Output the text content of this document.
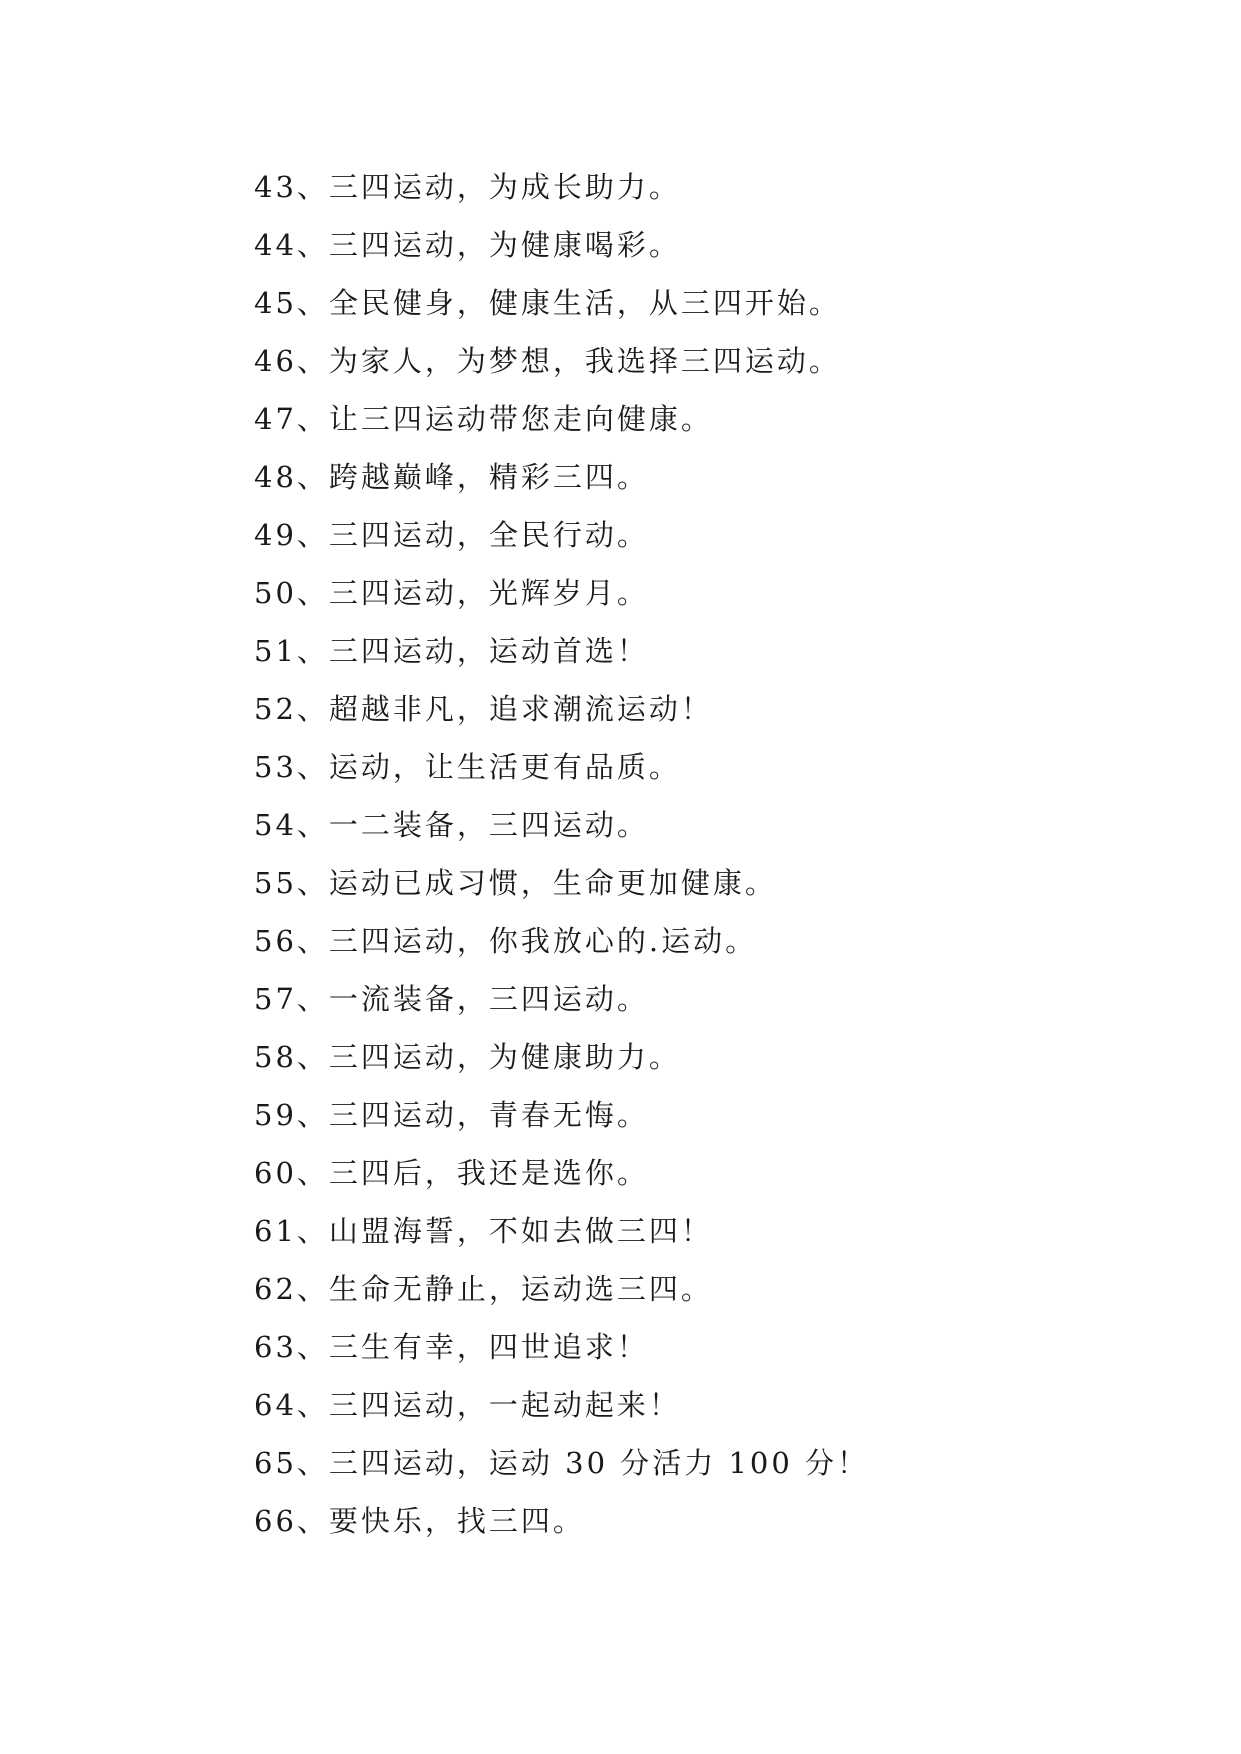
43、三四运动，为成长助力。
44、三四运动，为健康喝彩。
45、全民健身，健康生活，从三四开始。
46、为家人，为梦想，我选择三四运动。
47、让三四运动带您走向健康。
48、跨越巅峰，精彩三四。
49、三四运动，全民行动。
50、三四运动，光辉岁月。
51、三四运动，运动首选！
52、超越非凡，追求潮流运动！
53、运动，让生活更有品质。
54、一二装备，三四运动。
55、运动已成习惯，生命更加健康。
56、三四运动，你我放心的.运动。
57、一流装备，三四运动。
58、三四运动，为健康助力。
59、三四运动，青春无悔。
60、三四后，我还是选你。
61、山盟海誓，不如去做三四！
62、生命无静止，运动选三四。
63、三生有幸，四世追求！
64、三四运动，一起动起来！
65、三四运动，运动 30 分活力 100 分！
66、要快乐，找三四。
